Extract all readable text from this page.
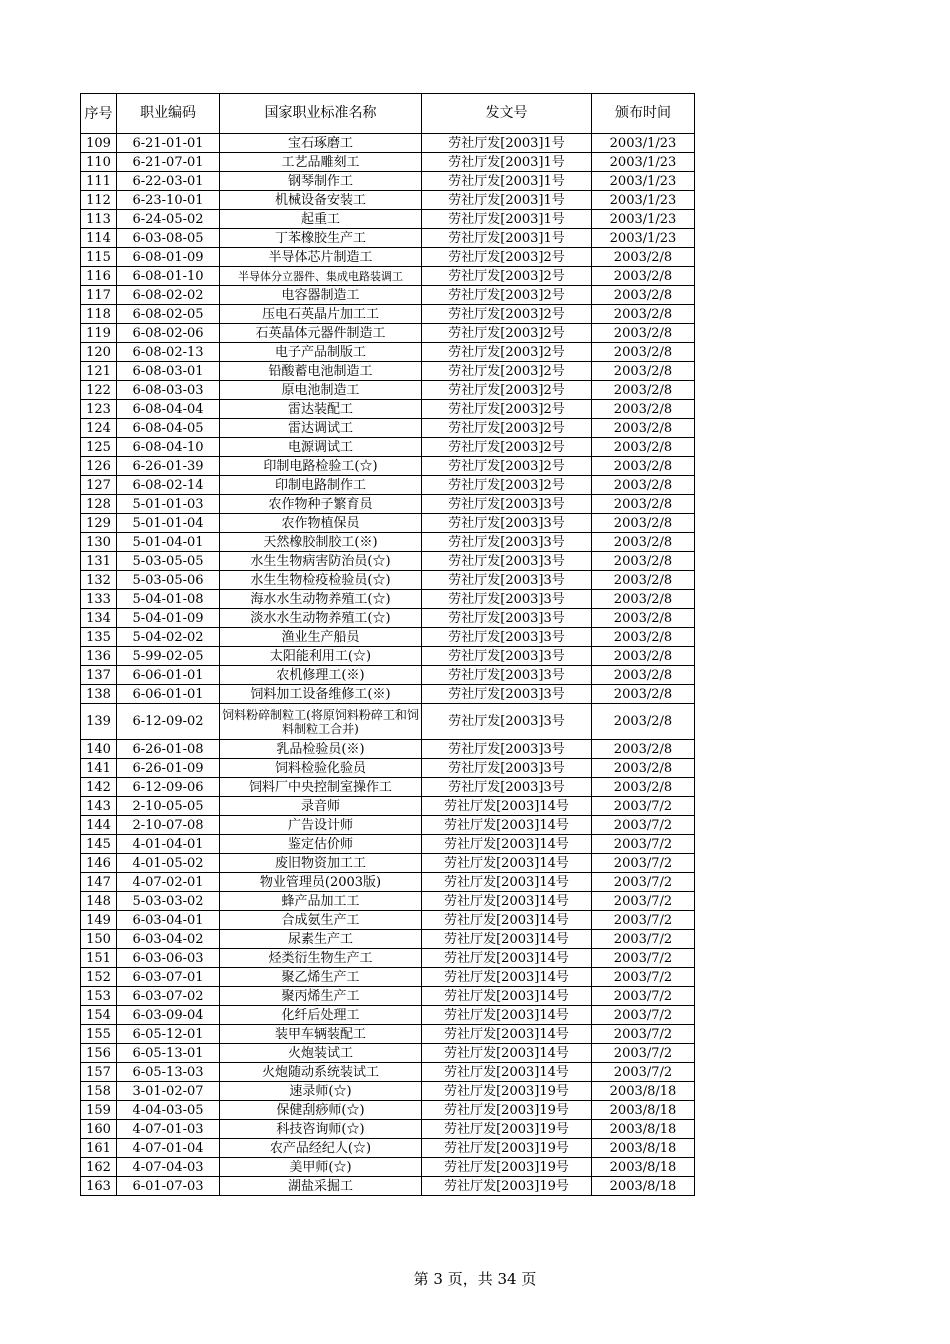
序号	职业编码	国家职业标准名称	发文号	颁布时间
109	6-21-01-01	宝石琢磨工	劳社厅发[2003]1号	2003/1/23
110	6-21-07-01	工艺品雕刻工	劳社厅发[2003]1号	2003/1/23
111	6-22-03-01	钢琴制作工	劳社厅发[2003]1号	2003/1/23
112	6-23-10-01	机械设备安装工	劳社厅发[2003]1号	2003/1/23
113	6-24-05-02	起重工	劳社厅发[2003]1号	2003/1/23
114	6-03-08-05	丁苯橡胶生产工	劳社厅发[2003]1号	2003/1/23
115	6-08-01-09	半导体芯片制造工	劳社厅发[2003]2号	2003/2/8
116	6-08-01-10	半导体分立器件、集成电路装调工	劳社厅发[2003]2号	2003/2/8
117	6-08-02-02	电容器制造工	劳社厅发[2003]2号	2003/2/8
118	6-08-02-05	压电石英晶片加工工	劳社厅发[2003]2号	2003/2/8
119	6-08-02-06	石英晶体元器件制造工	劳社厅发[2003]2号	2003/2/8
120	6-08-02-13	电子产品制版工	劳社厅发[2003]2号	2003/2/8
121	6-08-03-01	铅酸蓄电池制造工	劳社厅发[2003]2号	2003/2/8
122	6-08-03-03	原电池制造工	劳社厅发[2003]2号	2003/2/8
123	6-08-04-04	雷达装配工	劳社厅发[2003]2号	2003/2/8
124	6-08-04-05	雷达调试工	劳社厅发[2003]2号	2003/2/8
125	6-08-04-10	电源调试工	劳社厅发[2003]2号	2003/2/8
126	6-26-01-39	印制电路检验工(☆)	劳社厅发[2003]2号	2003/2/8
127	6-08-02-14	印制电路制作工	劳社厅发[2003]2号	2003/2/8
128	5-01-01-03	农作物种子繁育员	劳社厅发[2003]3号	2003/2/8
129	5-01-01-04	农作物植保员	劳社厅发[2003]3号	2003/2/8
130	5-01-04-01	天然橡胶制胶工(※)	劳社厅发[2003]3号	2003/2/8
131	5-03-05-05	水生生物病害防治员(☆)	劳社厅发[2003]3号	2003/2/8
132	5-03-05-06	水生生物检疫检验员(☆)	劳社厅发[2003]3号	2003/2/8
133	5-04-01-08	海水水生动物养殖工(☆)	劳社厅发[2003]3号	2003/2/8
134	5-04-01-09	淡水水生动物养殖工(☆)	劳社厅发[2003]3号	2003/2/8
135	5-04-02-02	渔业生产船员	劳社厅发[2003]3号	2003/2/8
136	5-99-02-05	太阳能利用工(☆)	劳社厅发[2003]3号	2003/2/8
137	6-06-01-01	农机修理工(※)	劳社厅发[2003]3号	2003/2/8
138	6-06-01-01	饲料加工设备维修工(※)	劳社厅发[2003]3号	2003/2/8
139	6-12-09-02	饲料粉碎制粒工(将原饲料粉碎工和饲料制粒工合并)	劳社厅发[2003]3号	2003/2/8
140	6-26-01-08	乳品检验员(※)	劳社厅发[2003]3号	2003/2/8
141	6-26-01-09	饲料检验化验员	劳社厅发[2003]3号	2003/2/8
142	6-12-09-06	饲料厂中央控制室操作工	劳社厅发[2003]3号	2003/2/8
143	2-10-05-05	录音师	劳社厅发[2003]14号	2003/7/2
144	2-10-07-08	广告设计师	劳社厅发[2003]14号	2003/7/2
145	4-01-04-01	鉴定估价师	劳社厅发[2003]14号	2003/7/2
146	4-01-05-02	废旧物资加工工	劳社厅发[2003]14号	2003/7/2
147	4-07-02-01	物业管理员(2003版)	劳社厅发[2003]14号	2003/7/2
148	5-03-03-02	蜂产品加工工	劳社厅发[2003]14号	2003/7/2
149	6-03-04-01	合成氨生产工	劳社厅发[2003]14号	2003/7/2
150	6-03-04-02	尿素生产工	劳社厅发[2003]14号	2003/7/2
151	6-03-06-03	烃类衍生物生产工	劳社厅发[2003]14号	2003/7/2
152	6-03-07-01	聚乙烯生产工	劳社厅发[2003]14号	2003/7/2
153	6-03-07-02	聚丙烯生产工	劳社厅发[2003]14号	2003/7/2
154	6-03-09-04	化纤后处理工	劳社厅发[2003]14号	2003/7/2
155	6-05-12-01	装甲车辆装配工	劳社厅发[2003]14号	2003/7/2
156	6-05-13-01	火炮装试工	劳社厅发[2003]14号	2003/7/2
157	6-05-13-03	火炮随动系统装试工	劳社厅发[2003]14号	2003/7/2
158	3-01-02-07	速录师(☆)	劳社厅发[2003]19号	2003/8/18
159	4-04-03-05	保健刮痧师(☆)	劳社厅发[2003]19号	2003/8/18
160	4-07-01-03	科技咨询师(☆)	劳社厅发[2003]19号	2003/8/18
161	4-07-01-04	农产品经纪人(☆)	劳社厅发[2003]19号	2003/8/18
162	4-07-04-03	美甲师(☆)	劳社厅发[2003]19号	2003/8/18
163	6-01-07-03	湖盐采掘工	劳社厅发[2003]19号	2003/8/18
第 3 页，共 34 页
